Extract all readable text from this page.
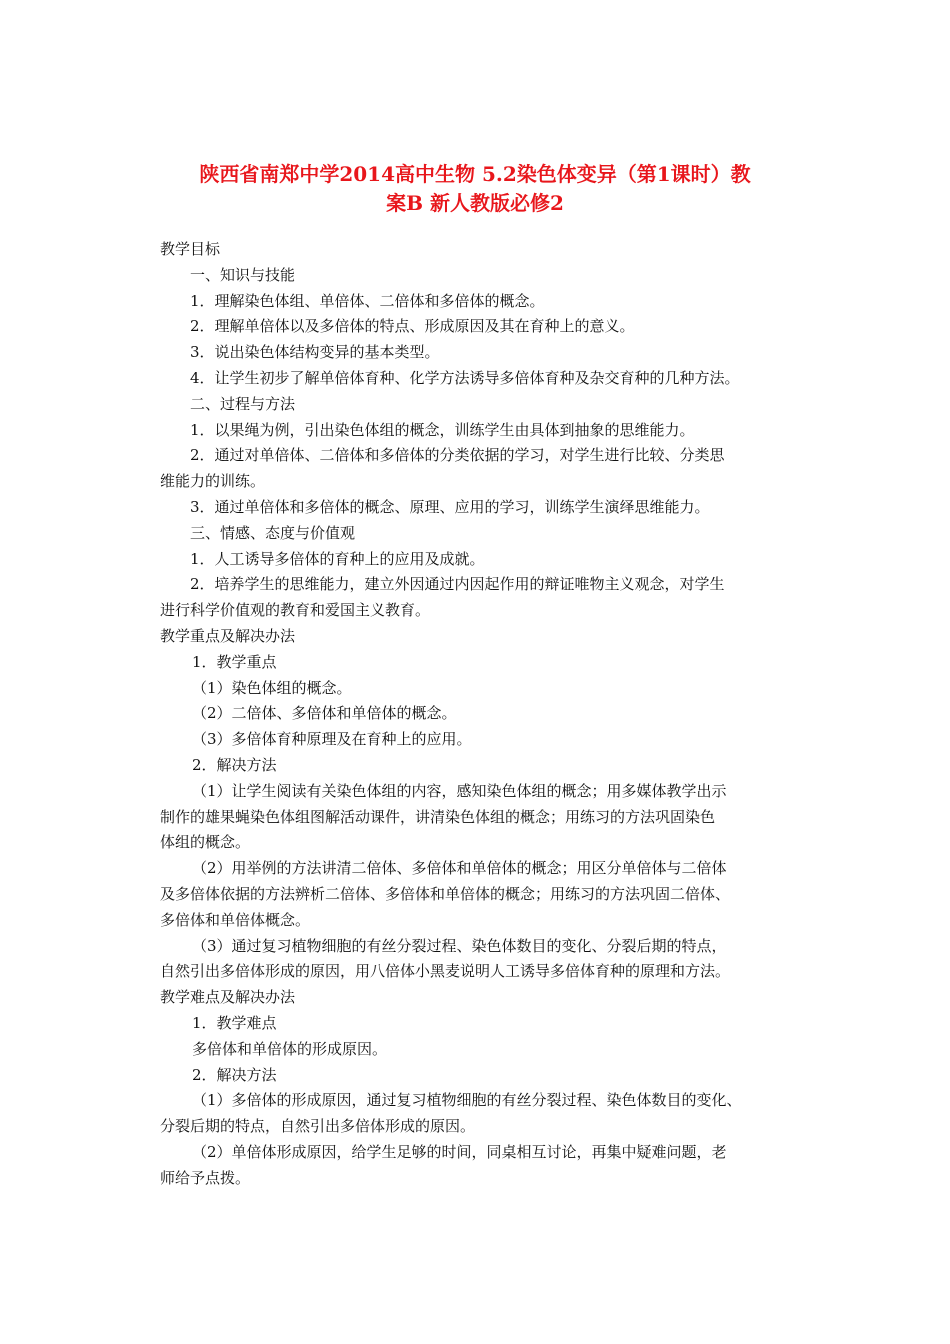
陕西省南郑中学2014高中生物 5.2染色体变异（第1课时）教
案B 新人教版必修2
教学目标
一、知识与技能
1．理解染色体组、单倍体、二倍体和多倍体的概念。
2．理解单倍体以及多倍体的特点、形成原因及其在育种上的意义。
3．说出染色体结构变异的基本类型。
4．让学生初步了解单倍体育种、化学方法诱导多倍体育种及杂交育种的几种方法。
二、过程与方法
1．以果绳为例，引出染色体组的概念，训练学生由具体到抽象的思维能力。
2．通过对单倍体、二倍体和多倍体的分类依据的学习，对学生进行比较、分类思
维能力的训练。
3．通过单倍体和多倍体的概念、原理、应用的学习，训练学生演绎思维能力。
三、情感、态度与价值观
1．人工诱导多倍体的育种上的应用及成就。
2．培养学生的思维能力，建立外因通过内因起作用的辩证唯物主义观念，对学生
进行科学价值观的教育和爱国主义教育。
教学重点及解决办法
1．教学重点
（1）染色体组的概念。
（2）二倍体、多倍体和单倍体的概念。
（3）多倍体育种原理及在育种上的应用。
2．解决方法
（1）让学生阅读有关染色体组的内容，感知染色体组的概念；用多媒体教学出示
制作的雄果蝇染色体组图解活动课件，讲清染色体组的概念；用练习的方法巩固染色
体组的概念。
（2）用举例的方法讲清二倍体、多倍体和单倍体的概念；用区分单倍体与二倍体
及多倍体依据的方法辨析二倍体、多倍体和单倍体的概念；用练习的方法巩固二倍体、
多倍体和单倍体概念。
（3）通过复习植物细胞的有丝分裂过程、染色体数目的变化、分裂后期的特点，
自然引出多倍体形成的原因，用八倍体小黑麦说明人工诱导多倍体育种的原理和方法。
教学难点及解决办法
1．教学难点
多倍体和单倍体的形成原因。
2．解决方法
（1）多倍体的形成原因，通过复习植物细胞的有丝分裂过程、染色体数目的变化、
分裂后期的特点，自然引出多倍体形成的原因。
（2）单倍体形成原因，给学生足够的时间，同桌相互讨论，再集中疑难问题，老
师给予点拨。
